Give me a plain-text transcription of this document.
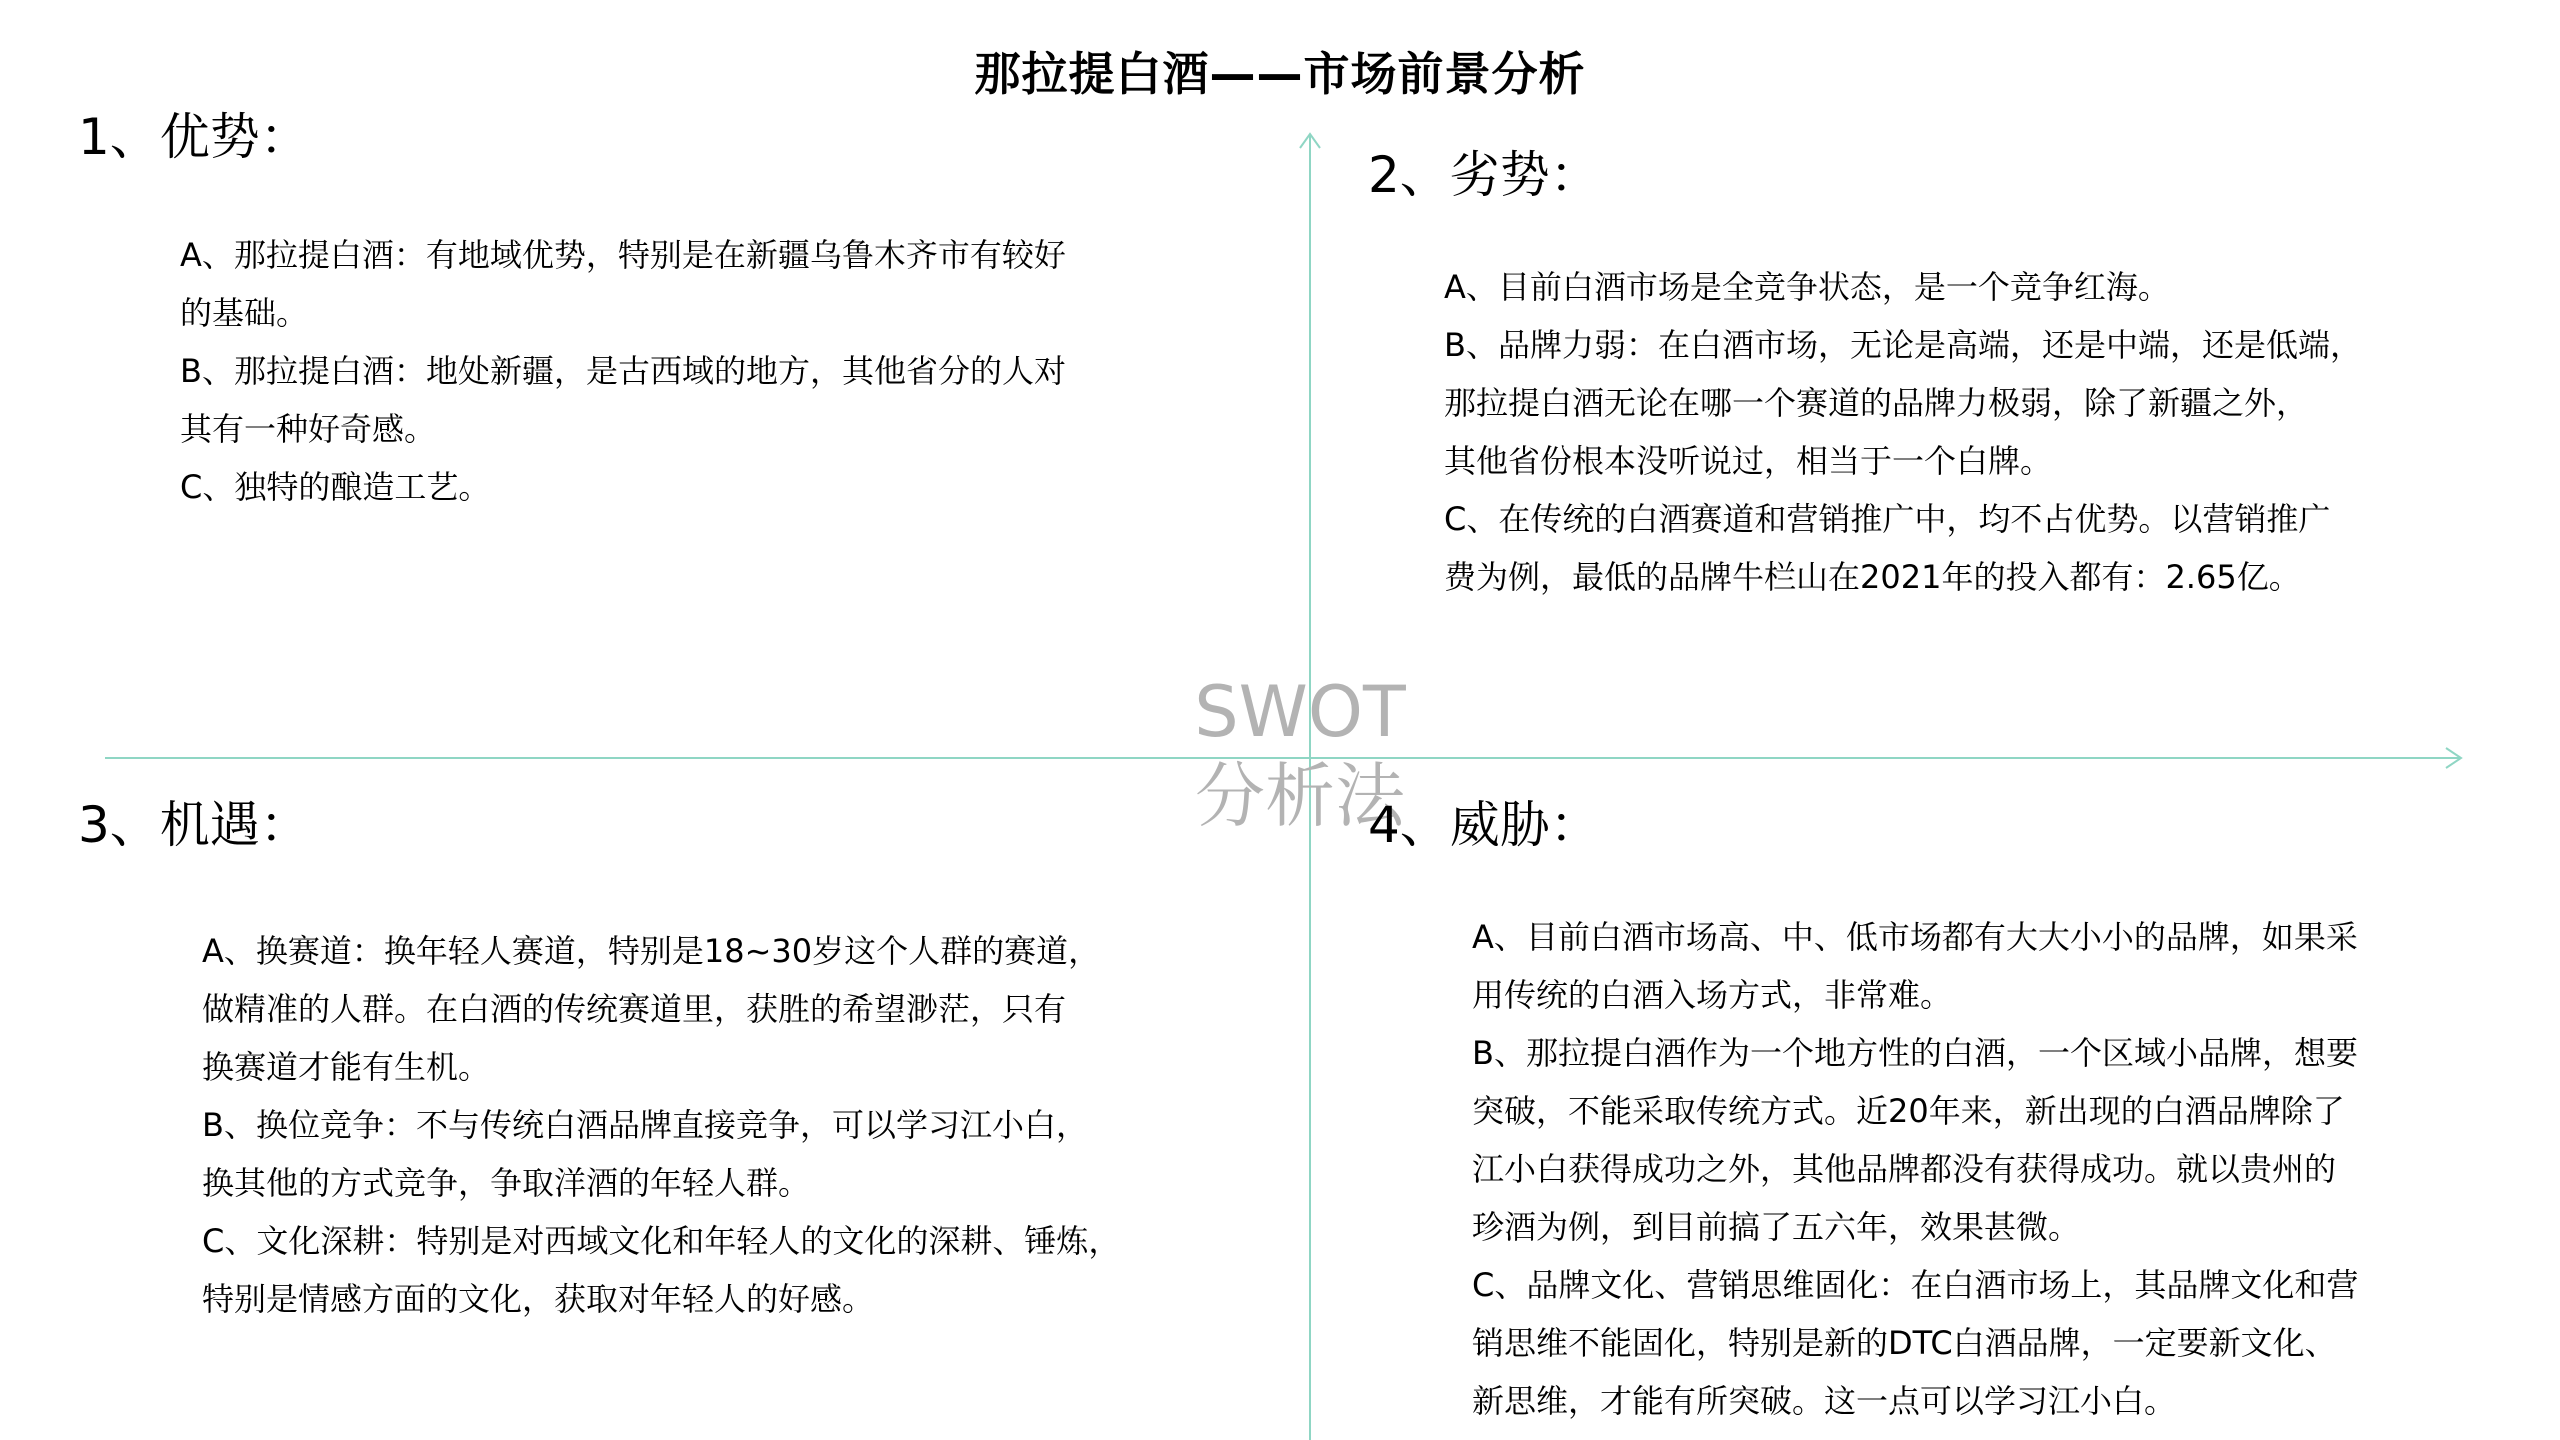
那拉提白酒——市场前景分析
SWOT
分析法
1、优势：
A、那拉提白酒：有地域优势，特别是在新疆乌鲁木齐市有较好
的基础。
B、那拉提白酒：地处新疆，是古西域的地方，其他省分的人对
其有一种好奇感。
C、独特的酿造工艺。
2、劣势：
A、目前白酒市场是全竞争状态，是一个竞争红海。
B、品牌力弱：在白酒市场，无论是高端，还是中端，还是低端，
那拉提白酒无论在哪一个赛道的品牌力极弱，除了新疆之外，
其他省份根本没听说过，相当于一个白牌。
C、在传统的白酒赛道和营销推广中，均不占优势。以营销推广
费为例，最低的品牌牛栏山在2021年的投入都有：2.65亿。
3、机遇：
A、换赛道：换年轻人赛道，特别是18~30岁这个人群的赛道，
做精准的人群。在白酒的传统赛道里，获胜的希望渺茫，只有
换赛道才能有生机。
B、换位竞争：不与传统白酒品牌直接竞争，可以学习江小白，
换其他的方式竞争，争取洋酒的年轻人群。
C、文化深耕：特别是对西域文化和年轻人的文化的深耕、锤炼，
特别是情感方面的文化，获取对年轻人的好感。
4、威胁：
A、目前白酒市场高、中、低市场都有大大小小的品牌，如果采
用传统的白酒入场方式，非常难。
B、那拉提白酒作为一个地方性的白酒，一个区域小品牌，想要
突破，不能采取传统方式。近20年来，新出现的白酒品牌除了
江小白获得成功之外，其他品牌都没有获得成功。就以贵州的
珍酒为例，到目前搞了五六年，效果甚微。
C、品牌文化、营销思维固化：在白酒市场上，其品牌文化和营
销思维不能固化，特别是新的DTC白酒品牌，一定要新文化、
新思维，才能有所突破。这一点可以学习江小白。
